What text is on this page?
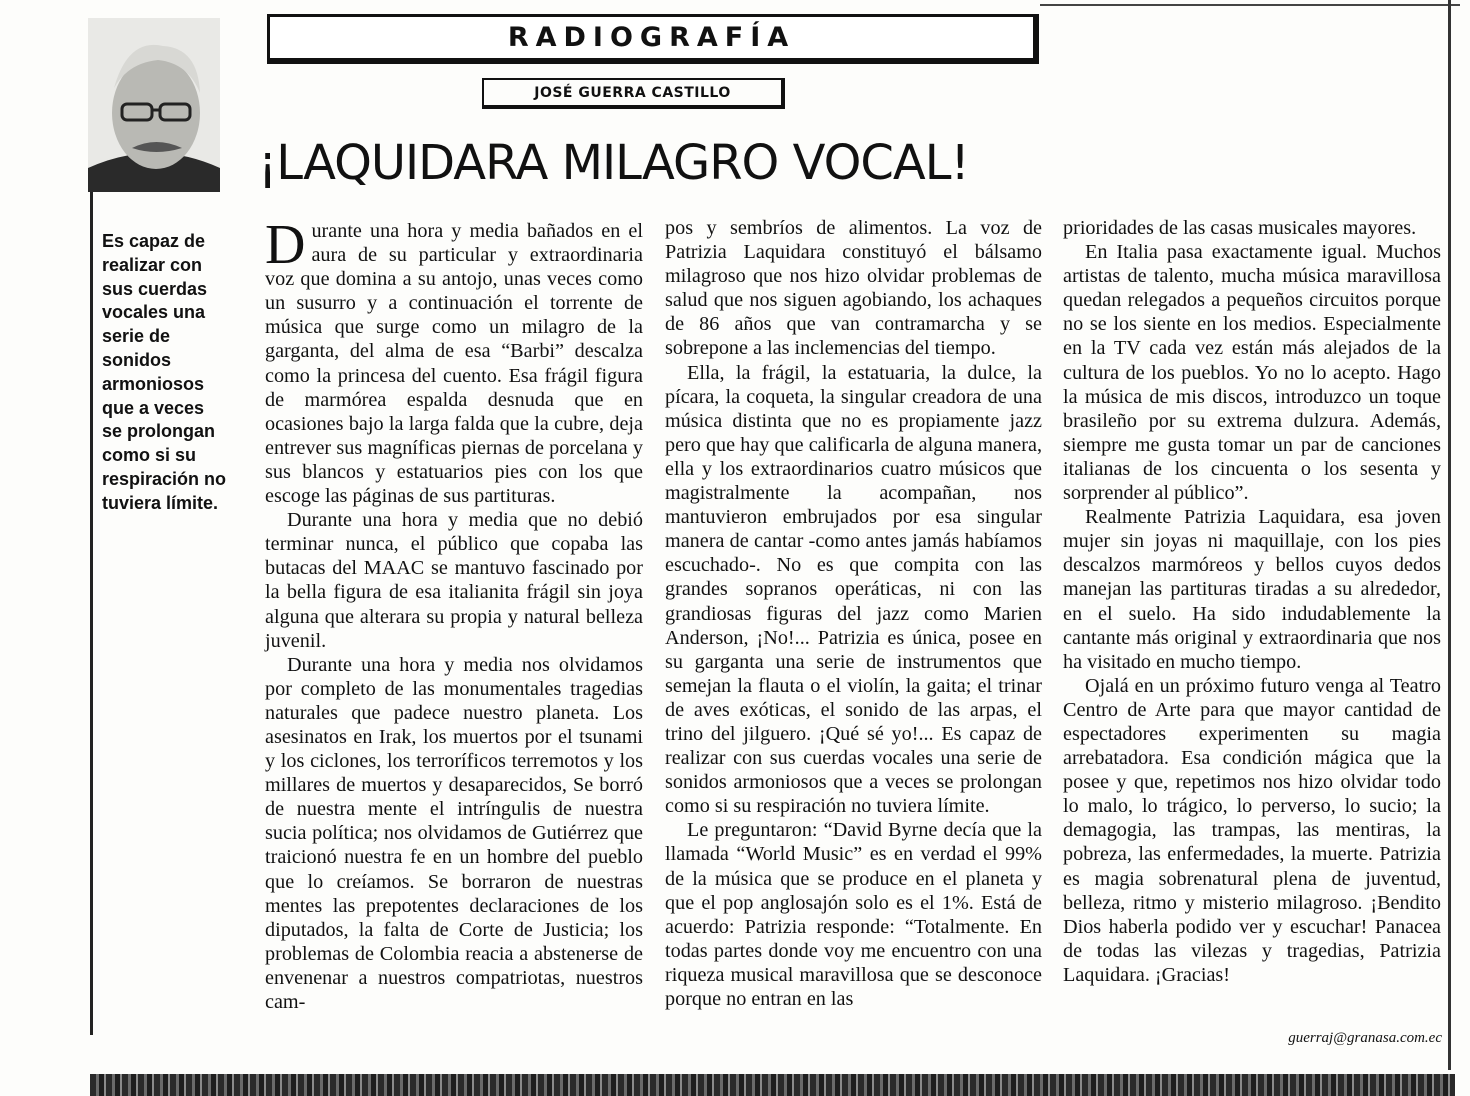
RADIOGRAFÍA
JOSÉ GUERRA CASTILLO
¡LAQUIDARA MILAGRO VOCAL!
Es capaz de realizar con sus cuerdas vocales una serie de sonidos armoniosos que a veces se prolongan como si su respiración no tuviera límite.

Durante una hora y media bañados en el aura de su particular y extraordinaria voz que domina a su antojo, unas veces como un susurro y a continuación el torrente de música que surge como un milagro de la garganta, del alma de esa “Barbi” descalza como la princesa del cuento. Esa frágil figura de marmórea espalda desnuda que en ocasiones bajo la larga falda que la cubre, deja entrever sus magníficas piernas de porcelana y sus blancos y estatuarios pies con los que escoge las páginas de sus partituras.

Durante una hora y media que no debió terminar nunca, el público que copaba las butacas del MAAC se mantuvo fascinado por la bella figura de esa italianita frágil sin joya alguna que alterara su propia y natural belleza juvenil.

Durante una hora y media nos olvidamos por completo de las monumentales tragedias naturales que padece nuestro planeta. Los asesinatos en Irak, los muertos por el tsunami y los ciclones, los terroríficos terremotos y los millares de muertos y desaparecidos, Se borró de nuestra mente el intríngulis de nuestra sucia política; nos olvidamos de Gutiérrez que traicionó nuestra fe en un hombre del pueblo que lo creíamos. Se borraron de nuestras mentes las prepotentes declaraciones de los diputados, la falta de Corte de Justicia; los problemas de Colombia reacia a abstenerse de envenenar a nuestros compatriotas, nuestros cam-

pos y sembríos de alimentos. La voz de Patrizia Laquidara constituyó el bálsamo milagroso que nos hizo olvidar problemas de salud que nos siguen agobiando, los achaques de 86 años que van contramarcha y se sobrepone a las inclemencias del tiempo.

Ella, la frágil, la estatuaria, la dulce, la pícara, la coqueta, la singular creadora de una música distinta que no es propiamente jazz pero que hay que calificarla de alguna manera, ella y los extraordinarios cuatro músicos que magistralmente la acompañan, nos mantuvieron embrujados por esa singular manera de cantar -como antes jamás habíamos escuchado-. No es que compita con las grandes sopranos operáticas, ni con las grandiosas figuras del jazz como Marien Anderson, ¡No!... Patrizia es única, posee en su garganta una serie de instrumentos que semejan la flauta o el violín, la gaita; el trinar de aves exóticas, el sonido de las arpas, el trino del jilguero. ¡Qué sé yo!... Es capaz de realizar con sus cuerdas vocales una serie de sonidos armoniosos que a veces se prolongan como si su respiración no tuviera límite.

Le preguntaron: “David Byrne decía que la llamada “World Music” es en verdad el 99% de la música que se produce en el planeta y que el pop anglosajón solo es el 1%. Está de acuerdo: Patrizia responde: “Totalmente. En todas partes donde voy me encuentro con una riqueza musical maravillosa que se desconoce porque no entran en las

prioridades de las casas musicales mayores.

En Italia pasa exactamente igual. Muchos artistas de talento, mucha música maravillosa quedan relegados a pequeños circuitos porque no se los siente en los medios. Especialmente en la TV cada vez están más alejados de la cultura de los pueblos. Yo no lo acepto. Hago la música de mis discos, introduzco un toque brasileño por su extrema dulzura. Además, siempre me gusta tomar un par de canciones italianas de los cincuenta o los sesenta y sorprender al público”.

Realmente Patrizia Laquidara, esa joven mujer sin joyas ni maquillaje, con los pies descalzos marmóreos y bellos cuyos dedos manejan las partituras tiradas a su alrededor, en el suelo. Ha sido indudablemente la cantante más original y extraordinaria que nos ha visitado en mucho tiempo.

Ojalá en un próximo futuro venga al Teatro Centro de Arte para que mayor cantidad de espectadores experimenten su magia arrebatadora. Esa condición mágica que la posee y que, repetimos nos hizo olvidar todo lo malo, lo trágico, lo perverso, lo sucio; la demagogia, las trampas, las mentiras, la pobreza, las enfermedades, la muerte. Patrizia es magia sobrenatural plena de juventud, belleza, ritmo y misterio milagroso. ¡Bendito Dios haberla podido ver y escuchar! Panacea de todas las vilezas y tragedias, Patrizia Laquidara. ¡Gracias!

guerraj@granasa.com.ec
